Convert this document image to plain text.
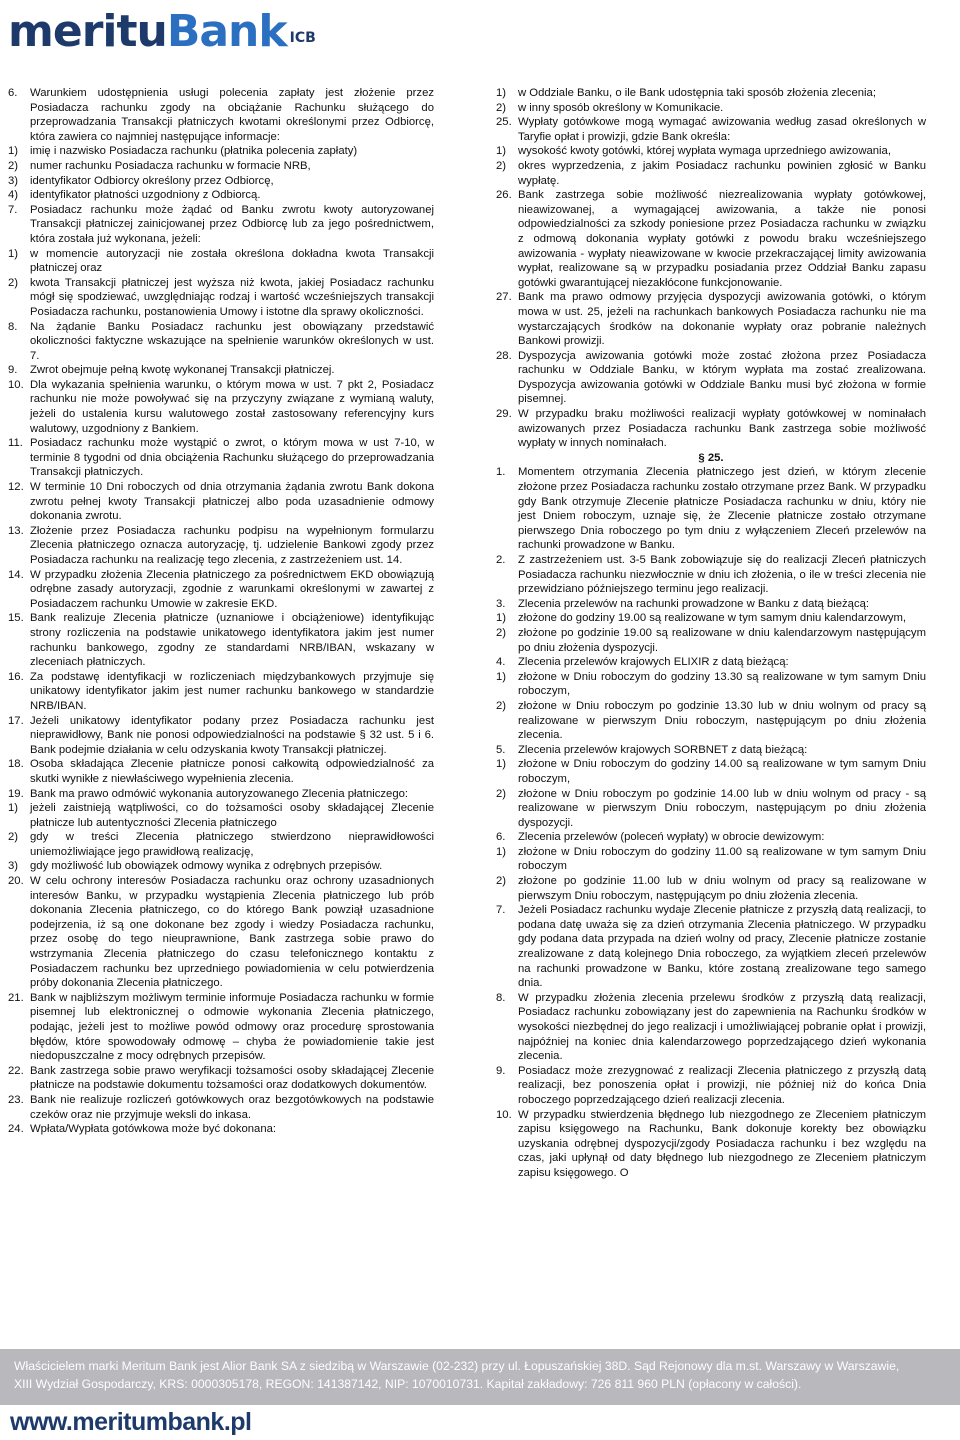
merituBank $^{ICB}$

6. Warunkiem udostępnienia usługi polecenia zapłaty jest złożenie przez Posiadacza rachunku zgody na obciążanie Rachunku służącego do przeprowadzania Transakcji płatniczych kwotami określonymi przez Odbiorcę, która zawiera co najmniej następujące informacje:

1) imię i nazwisko Posiadacza rachunku (płatnika polecenia zapłaty)

2) numer rachunku Posiadacza rachunku w formacie NRB,

3) identyfikator Odbiorcy określony przez Odbiorcę,

4) identyfikator płatności uzgodniony z Odbiorcą.

7. Posiadacz rachunku może żądać od Banku zwrotu kwoty autoryzowanej Transakcji płatniczej zainicjowanej przez Odbiorcę lub za jego pośrednictwem, która została już wykonana, jeżeli:

1) w momencie autoryzacji nie została określona dokładna kwota Transakcji płatniczej oraz

2) kwota Transakcji płatniczej jest wyższa niż kwota, jakiej Posiadacz rachunku mógł się spodziewać, uwzględniając rodzaj i wartość wcześniejszych transakcji Posiadacza rachunku, postanowienia Umowy i istotne dla sprawy okoliczności.

8. Na żądanie Banku Posiadacz rachunku jest obowiązany przedstawić okoliczności faktyczne wskazujące na spełnienie warunków określonych w ust. 7.

9. Zwrot obejmuje pełną kwotę wykonanej Transakcji płatniczej.

10. Dla wykazania spełnienia warunku, o którym mowa w ust. 7 pkt 2, Posiadacz rachunku nie może powoływać się na przyczyny związane z wymianą waluty, jeżeli do ustalenia kursu walutowego został zastosowany referencyjny kurs walutowy, uzgodniony z Bankiem.

11. Posiadacz rachunku może wystąpić o zwrot, o którym mowa w ust 7-10, w terminie 8 tygodni od dnia obciążenia Rachunku służącego do przeprowadzania Transakcji płatniczych.

12. W terminie 10 Dni roboczych od dnia otrzymania żądania zwrotu Bank dokona zwrotu pełnej kwoty Transakcji płatniczej albo poda uzasadnienie odmowy dokonania zwrotu.

13. Złożenie przez Posiadacza rachunku podpisu na wypełnionym formularzu Zlecenia płatniczego oznacza autoryzację, tj. udzielenie Bankowi zgody przez Posiadacza rachunku na realizację tego zlecenia, z zastrzeżeniem ust. 14.

14. W przypadku złożenia Zlecenia płatniczego za pośrednictwem EKD obowiązują odrębne zasady autoryzacji, zgodnie z warunkami określonymi w zawartej z Posiadaczem rachunku Umowie w zakresie EKD.

15. Bank realizuje Zlecenia płatnicze (uznaniowe i obciążeniowe) identyfikując strony rozliczenia na podstawie unikatowego identyfikatora jakim jest numer rachunku bankowego, zgodny ze standardami NRB/IBAN, wskazany w zleceniach płatniczych.

16. Za podstawę identyfikacji w rozliczeniach międzybankowych przyjmuje się unikatowy identyfikator jakim jest numer rachunku bankowego w standardzie NRB/IBAN.

17. Jeżeli unikatowy identyfikator podany przez Posiadacza rachunku jest nieprawidłowy, Bank nie ponosi odpowiedzialności na podstawie § 32 ust. 5 i 6. Bank podejmie działania w celu odzyskania kwoty Transakcji płatniczej.

18. Osoba składająca Zlecenie płatnicze ponosi całkowitą odpowiedzialność za skutki wynikłe z niewłaściwego wypełnienia zlecenia.

19. Bank ma prawo odmówić wykonania autoryzowanego Zlecenia płatniczego:

1) jeżeli zaistnieją wątpliwości, co do tożsamości osoby składającej Zlecenie płatnicze lub autentyczności Zlecenia płatniczego

2) gdy w treści Zlecenia płatniczego stwierdzono nieprawidłowości uniemożliwiające jego prawidłową realizację,

3) gdy możliwość lub obowiązek odmowy wynika z odrębnych przepisów.

20. W celu ochrony interesów Posiadacza rachunku oraz ochrony uzasadnionych interesów Banku, w przypadku wystąpienia Zlecenia płatniczego lub prób dokonania Zlecenia płatniczego, co do którego Bank powziął uzasadnione podejrzenia, iż są one dokonane bez zgody i wiedzy Posiadacza rachunku, przez osobę do tego nieuprawnione, Bank zastrzega sobie prawo do wstrzymania Zlecenia płatniczego do czasu telefonicznego kontaktu z Posiadaczem rachunku bez uprzedniego powiadomienia w celu potwierdzenia próby dokonania Zlecenia płatniczego.

21. Bank w najbliższym możliwym terminie informuje Posiadacza rachunku w formie pisemnej lub elektronicznej o odmowie wykonania Zlecenia płatniczego, podając, jeżeli jest to możliwe powód odmowy oraz procedurę sprostowania błędów, które spowodowały odmowę – chyba że powiadomienie takie jest niedopuszczalne z mocy odrębnych przepisów.

22. Bank zastrzega sobie prawo weryfikacji tożsamości osoby składającej Zlecenie płatnicze na podstawie dokumentu tożsamości oraz dodatkowych dokumentów.

23. Bank nie realizuje rozliczeń gotówkowych oraz bezgotówkowych na podstawie czeków oraz nie przyjmuje weksli do inkasa.

24. Wpłata/Wypłata gotówkowa może być dokonana:

1) w Oddziale Banku, o ile Bank udostępnia taki sposób złożenia zlecenia;

2) w inny sposób określony w Komunikacie.

25. Wypłaty gotówkowe mogą wymagać awizowania według zasad określonych w Taryfie opłat i prowizji, gdzie Bank określa:

1) wysokość kwoty gotówki, której wypłata wymaga uprzedniego awizowania,

2) okres wyprzedzenia, z jakim Posiadacz rachunku powinien zgłosić w Banku wypłatę.

26. Bank zastrzega sobie możliwość niezrealizowania wypłaty gotówkowej, nieawizowanej, a wymagającej awizowania, a także nie ponosi odpowiedzialności za szkody poniesione przez Posiadacza rachunku w związku z odmową dokonania wypłaty gotówki z powodu braku wcześniejszego awizowania - wypłaty nieawizowane w kwocie przekraczającej limity awizowania wypłat, realizowane są w przypadku posiadania przez Oddział Banku zapasu gotówki gwarantującej niezakłócone funkcjonowanie.

27. Bank ma prawo odmowy przyjęcia dyspozycji awizowania gotówki, o którym mowa w ust. 25, jeżeli na rachunkach bankowych Posiadacza rachunku nie ma wystarczających środków na dokonanie wypłaty oraz pobranie należnych Bankowi prowizji.

28. Dyspozycja awizowania gotówki może zostać złożona przez Posiadacza rachunku w Oddziale Banku, w którym wypłata ma zostać zrealizowana. Dyspozycja awizowania gotówki w Oddziale Banku musi być złożona w formie pisemnej.

29. W przypadku braku możliwości realizacji wypłaty gotówkowej w nominałach awizowanych przez Posiadacza rachunku Bank zastrzega sobie możliwość wypłaty w innych nominałach.

§ 25.

1. Momentem otrzymania Zlecenia płatniczego jest dzień, w którym zlecenie złożone przez Posiadacza rachunku zostało otrzymane przez Bank. W przypadku gdy Bank otrzymuje Zlecenie płatnicze Posiadacza rachunku w dniu, który nie jest Dniem roboczym, uznaje się, że Zlecenie płatnicze zostało otrzymane pierwszego Dnia roboczego po tym dniu z wyłączeniem Zleceń przelewów na rachunki prowadzone w Banku.

2. Z zastrzeżeniem ust. 3-5 Bank zobowiązuje się do realizacji Zleceń płatniczych Posiadacza rachunku niezwłocznie w dniu ich złożenia, o ile w treści zlecenia nie przewidziano późniejszego terminu jego realizacji.

3. Zlecenia przelewów na rachunki prowadzone w Banku z datą bieżącą:

1) złożone do godziny 19.00 są realizowane w tym samym dniu kalendarzowym,

2) złożone po godzinie 19.00 są realizowane w dniu kalendarzowym następującym po dniu złożenia dyspozycji.

4. Zlecenia przelewów krajowych ELIXIR z datą bieżącą:

1) złożone w Dniu roboczym do godziny 13.30 są realizowane w tym samym Dniu roboczym,

2) złożone w Dniu roboczym po godzinie 13.30 lub w dniu wolnym od pracy są realizowane w pierwszym Dniu roboczym, następującym po dniu złożenia zlecenia.

5. Zlecenia przelewów krajowych SORBNET z datą bieżącą:

1) złożone w Dniu roboczym do godziny 14.00 są realizowane w tym samym Dniu roboczym,

2) złożone w Dniu roboczym po godzinie 14.00 lub w dniu wolnym od pracy - są realizowane w pierwszym Dniu roboczym, następującym po dniu złożenia dyspozycji.

6. Zlecenia przelewów (poleceń wypłaty) w obrocie dewizowym:

1) złożone w Dniu roboczym do godziny 11.00 są realizowane w tym samym Dniu roboczym

2) złożone po godzinie 11.00 lub w dniu wolnym od pracy są realizowane w pierwszym Dniu roboczym, następującym po dniu złożenia zlecenia.

7. Jeżeli Posiadacz rachunku wydaje Zlecenie płatnicze z przyszłą datą realizacji, to podana datę uważa się za dzień otrzymania Zlecenia płatniczego. W przypadku gdy podana data przypada na dzień wolny od pracy, Zlecenie płatnicze zostanie zrealizowane z datą kolejnego Dnia roboczego, za wyjątkiem zleceń przelewów na rachunki prowadzone w Banku, które zostaną zrealizowane tego samego dnia.

8. W przypadku złożenia zlecenia przelewu środków z przyszłą datą realizacji, Posiadacz rachunku zobowiązany jest do zapewnienia na Rachunku środków w wysokości niezbędnej do jego realizacji i umożliwiającej pobranie opłat i prowizji, najpóźniej na koniec dnia kalendarzowego poprzedzającego dzień wykonania zlecenia.

9. Posiadacz może zrezygnować z realizacji Zlecenia płatniczego z przyszłą datą realizacji, bez ponoszenia opłat i prowizji, nie później niż do końca Dnia roboczego poprzedzającego dzień realizacji zlecenia.

10. W przypadku stwierdzenia błędnego lub niezgodnego ze Zleceniem płatniczym zapisu księgowego na Rachunku, Bank dokonuje korekty bez obowiązku uzyskania odrębnej dyspozycji/zgody Posiadacza rachunku i bez względu na czas, jaki upłynął od daty błędnego lub niezgodnego ze Zleceniem płatniczym zapisu księgowego. O

Właścicielem marki Meritum Bank jest Alior Bank SA z siedzibą w Warszawie (02-232) przy ul. Łopuszańskiej 38D. Sąd Rejonowy dla m.st. Warszawy w Warszawie,
XIII Wydział Gospodarczy, KRS: 0000305178, REGON: 141387142, NIP: 1070010731. Kapitał zakładowy: 726 811 960 PLN (opłacony w całości).
www.meritumbank.pl
